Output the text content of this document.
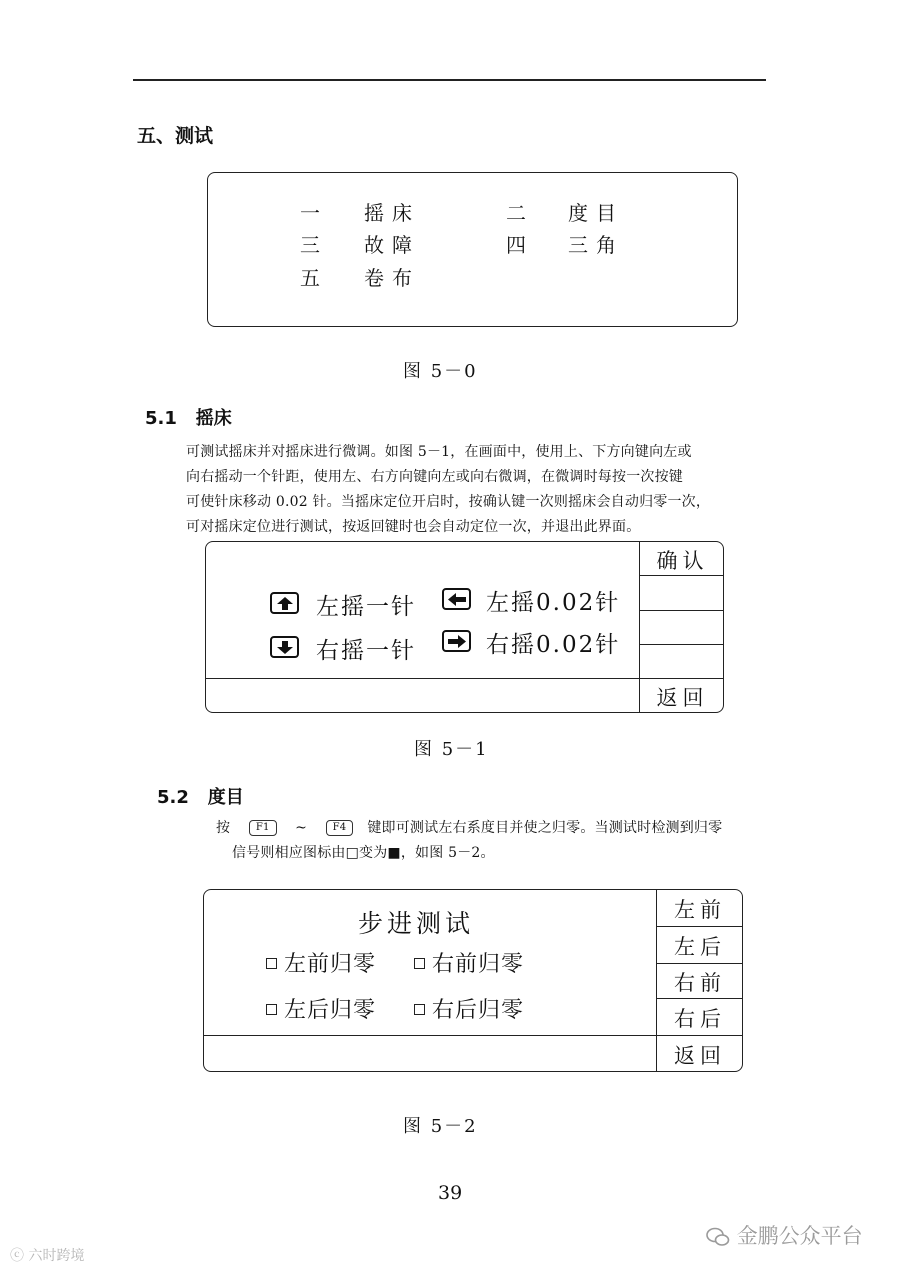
五、测试
一 摇床	二 度目
三 故障	四 三角
五 卷布
图 5－0
5.1 摇床
可测试摇床并对摇床进行微调。如图 5－1，在画面中，使用上、下方向键向左或
向右摇动一个针距，使用左、右方向键向左或向右微调，在微调时每按一次按键
可使针床移动 0.02 针。当摇床定位开启时，按确认键一次则摇床会自动归零一次，
可对摇床定位进行测试，按返回键时也会自动定位一次，并退出此界面。
确认
返回
左摇一针	左摇0.02针
右摇一针	右摇0.02针
图 5－1
5.2 度目
按	F1 ~	F4 键即可测试左右系度目并使之归零。当测试时检测到归零
信号则相应图标由□变为■，如图 5－2。
左前
左后
右前
右后
返回
步进测试
左前归零	右前归零
左后归零	右后归零
图 5－2
39
金鹏公众平台
ⓒ 六时跨境
